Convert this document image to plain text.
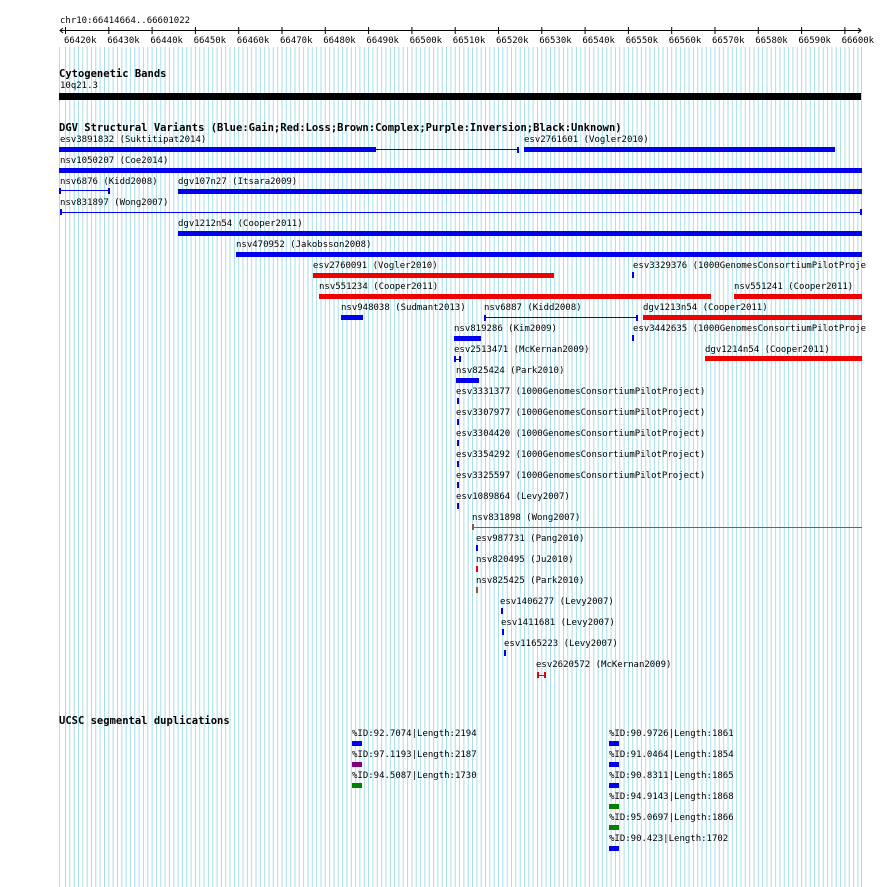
chr10:66414664..66601022
66420k 66430k 66440k 66450k 66460k 66470k 66480k 66490k 66500k 66510k 66520k 66530k 66540k 66550k 66560k 66570k 66580k 66590k 66600k
Cytogenetic Bands
10q21.3
DGV Structural Variants (Blue:Gain;Red:Loss;Brown:Complex;Purple:Inversion;Black:Unknown)
UCSC segmental duplications
esv3891832 (Suktitipat2014)	esv2761601 (Vogler2010)
nsv1050207 (Coe2014)
nsv6876 (Kidd2008) dgv107n27 (Itsara2009)
nsv831897 (Wong2007)
dgv1212n54 (Cooper2011)
nsv470952 (Jakobsson2008)
esv2760091 (Vogler2010)	esv3329376 (1000GenomesConsortiumPilotProje
nsv551234 (Cooper2011)	nsv551241 (Cooper2011)
nsv948038 (Sudmant2013) nsv6887 (Kidd2008)	dgv1213n54 (Cooper2011)
nsv819286 (Kim2009)	esv3442635 (1000GenomesConsortiumPilotProje
esv2513471 (McKernan2009)	dgv1214n54 (Cooper2011)
nsv825424 (Park2010)
esv3331377 (1000GenomesConsortiumPilotProject)
esv3307977 (1000GenomesConsortiumPilotProject)
esv3304420 (1000GenomesConsortiumPilotProject)
esv3354292 (1000GenomesConsortiumPilotProject)
esv3325597 (1000GenomesConsortiumPilotProject)
esv1089864 (Levy2007)
nsv831898 (Wong2007)
esv987731 (Pang2010)
nsv820495 (Ju2010)
nsv825425 (Park2010)
esv1406277 (Levy2007)
esv1411681 (Levy2007)
esv1165223 (Levy2007)
esv2620572 (McKernan2009)
%ID:92.7074|Length:2194
%ID:97.1193|Length:2187
%ID:94.5087|Length:1730
%ID:90.9726|Length:1861
%ID:91.0464|Length:1854
%ID:90.8311|Length:1865
%ID:94.9143|Length:1868
%ID:95.0697|Length:1866
%ID:90.423|Length:1702
